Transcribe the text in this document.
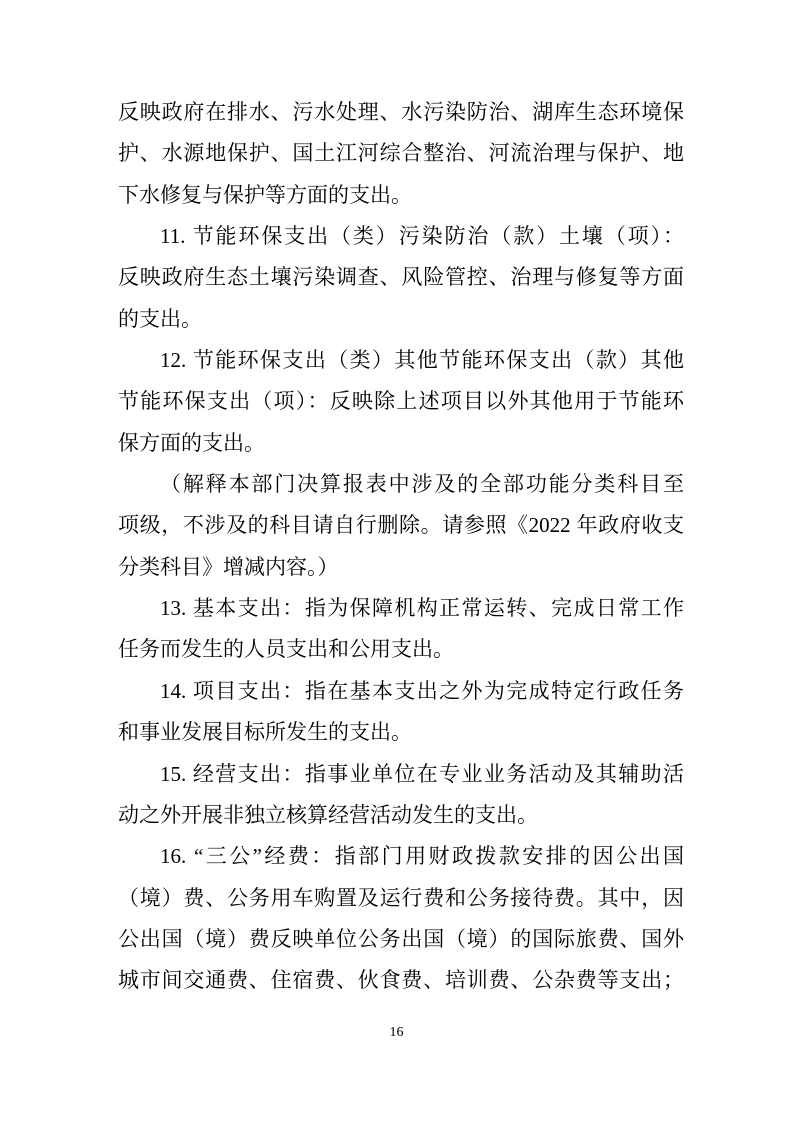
反映政府在排水、污水处理、水污染防治、湖库生态环境保
护、水源地保护、国土江河综合整治、河流治理与保护、地
下水修复与保护等方面的支出。
11. 节能环保支出（类）污染防治（款）土壤（项）：
反映政府生态土壤污染调查、风险管控、治理与修复等方面
的支出。
12. 节能环保支出（类）其他节能环保支出（款）其他
节能环保支出（项）：反映除上述项目以外其他用于节能环
保方面的支出。
（解释本部门决算报表中涉及的全部功能分类科目至
项级，不涉及的科目请自行删除。请参照《2022 年政府收支
分类科目》增减内容。）
13. 基本支出：指为保障机构正常运转、完成日常工作
任务而发生的人员支出和公用支出。
14. 项目支出：指在基本支出之外为完成特定行政任务
和事业发展目标所发生的支出。
15. 经营支出：指事业单位在专业业务活动及其辅助活
动之外开展非独立核算经营活动发生的支出。
16. “三公”经费：指部门用财政拨款安排的因公出国
（境）费、公务用车购置及运行费和公务接待费。其中，因
公出国（境）费反映单位公务出国（境）的国际旅费、国外
城市间交通费、住宿费、伙食费、培训费、公杂费等支出；
16
